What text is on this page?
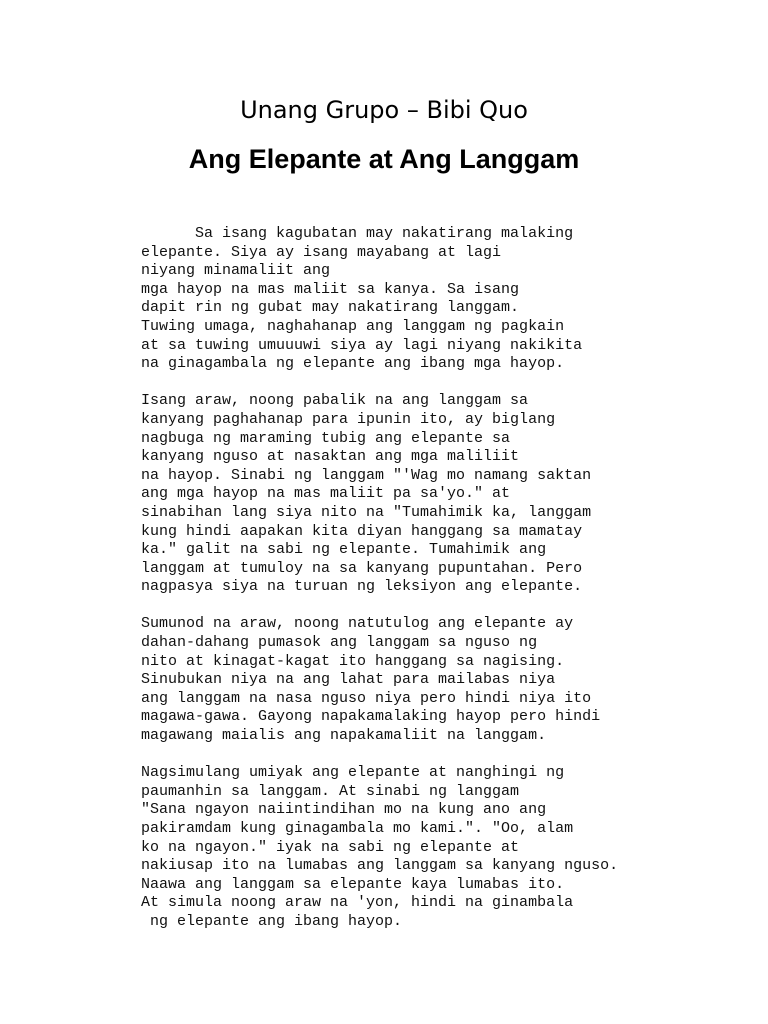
Unang Grupo – Bibi Quo
Ang Elepante at Ang Langgam
Sa isang kagubatan may nakatirang malaking
elepante. Siya ay isang mayabang at lagi
niyang minamaliit ang
mga hayop na mas maliit sa kanya. Sa isang
dapit rin ng gubat may nakatirang langgam.
Tuwing umaga, naghahanap ang langgam ng pagkain
at sa tuwing umuuuwi siya ay lagi niyang nakikita
na ginagambala ng elepante ang ibang mga hayop.
Isang araw, noong pabalik na ang langgam sa
kanyang paghahanap para ipunin ito, ay biglang
nagbuga ng maraming tubig ang elepante sa
kanyang nguso at nasaktan ang mga maliliit
na hayop. Sinabi ng langgam "'Wag mo namang saktan
ang mga hayop na mas maliit pa sa'yo." at
sinabihan lang siya nito na "Tumahimik ka, langgam
kung hindi aapakan kita diyan hanggang sa mamatay
ka." galit na sabi ng elepante. Tumahimik ang
langgam at tumuloy na sa kanyang pupuntahan. Pero
nagpasya siya na turuan ng leksiyon ang elepante.
Sumunod na araw, noong natutulog ang elepante ay
dahan-dahang pumasok ang langgam sa nguso ng
nito at kinagat-kagat ito hanggang sa nagising.
Sinubukan niya na ang lahat para mailabas niya
ang langgam na nasa nguso niya pero hindi niya ito
magawa-gawa. Gayong napakamalaking hayop pero hindi
magawang maialis ang napakamaliit na langgam.
Nagsimulang umiyak ang elepante at nanghingi ng
paumanhin sa langgam. At sinabi ng langgam
"Sana ngayon naiintindihan mo na kung ano ang
pakiramdam kung ginagambala mo kami.". "Oo, alam
ko na ngayon." iyak na sabi ng elepante at
nakiusap ito na lumabas ang langgam sa kanyang nguso.
Naawa ang langgam sa elepante kaya lumabas ito.
At simula noong araw na 'yon, hindi na ginambala
ng elepante ang ibang hayop.
